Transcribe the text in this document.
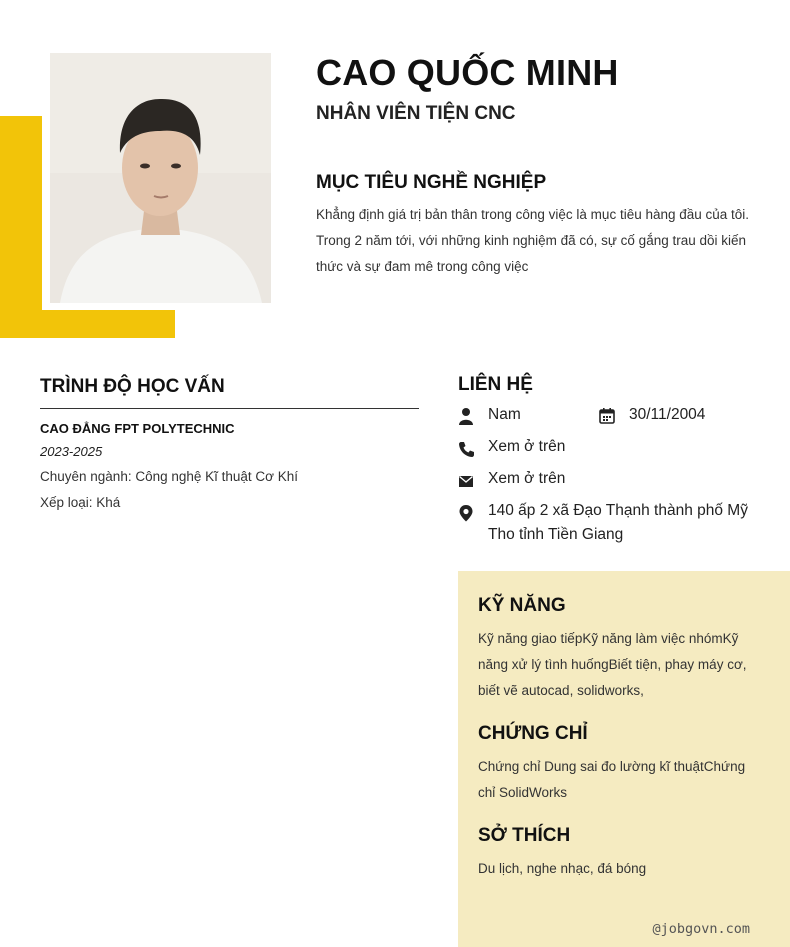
CAO QUỐC MINH
NHÂN VIÊN TIỆN CNC
MỤC TIÊU NGHỀ NGHIỆP
Khẳng định giá trị bản thân trong công việc là mục tiêu hàng đầu của tôi. Trong 2 năm tới, với những kinh nghiệm đã có, sự cố gắng trau dồi kiến thức và sự đam mê trong công việc
TRÌNH ĐỘ HỌC VẤN
CAO ĐẲNG FPT POLYTECHNIC
2023-2025
Chuyên ngành: Công nghệ Kĩ thuật Cơ Khí
Xếp loại: Khá
LIÊN HỆ
Nam	30/11/2004
Xem ở trên
Xem ở trên
140 ấp 2 xã Đạo Thạnh thành phố Mỹ Tho tỉnh Tiền Giang
KỸ NĂNG
Kỹ năng giao tiếpKỹ năng làm việc nhómKỹ năng xử lý tình huốngBiết tiện, phay máy cơ, biết vẽ autocad, solidworks,
CHỨNG CHỈ
Chứng chỉ Dung sai đo lường kĩ thuậtChứng chỉ SolidWorks
SỞ THÍCH
Du lịch, nghe nhạc, đá bóng
@jobgovn.com
